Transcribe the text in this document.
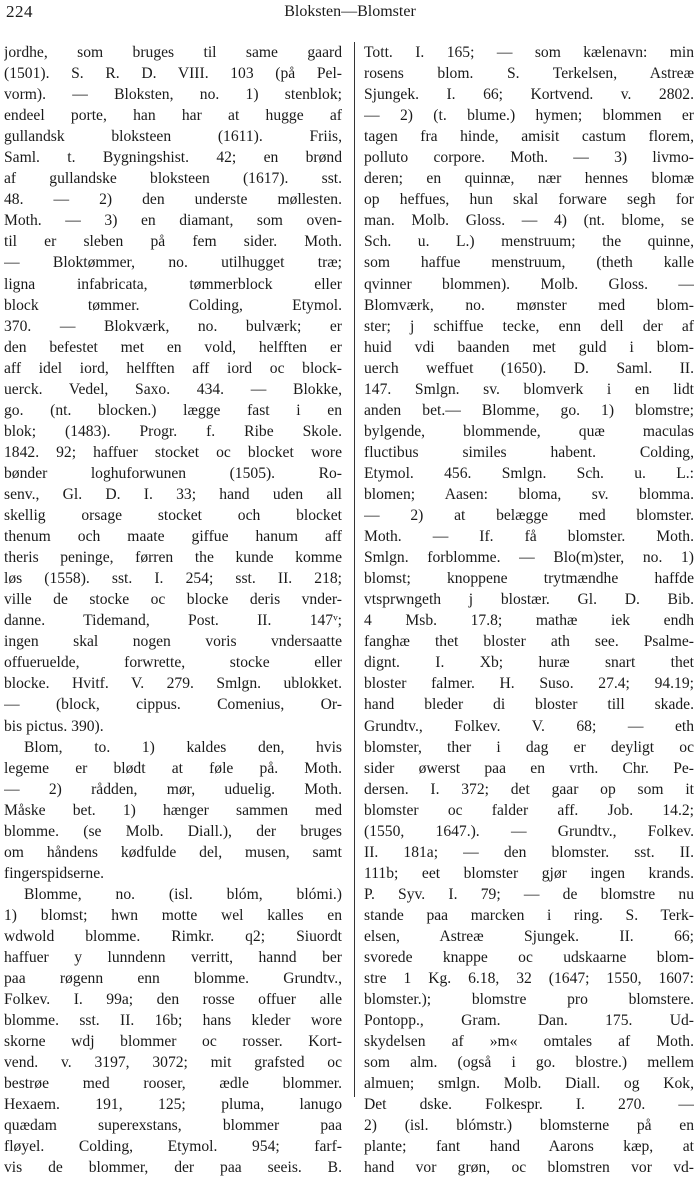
224	Bloksten—Blomster
jordhe, som bruges til same gaard
(1501). S. R. D. VIII. 103 (på Pel-
vorm). — Bloksten, no. 1) stenblok;
endeel porte, han har at hugge af
gullandsk bloksteen (1611). Friis,
Saml. t. Bygningshist. 42; en brønd
af gullandske bloksteen (1617). sst.
48. — 2) den underste møllesten.
Moth. — 3) en diamant, som oven-
til er sleben på fem sider. Moth.
— Bloktømmer, no. utilhugget træ;
ligna infabricata, tømmerblock eller
block tømmer. Colding, Etymol.
370. — Blokværk, no. bulværk; er
den befestet met en vold, helfften er
aff idel iord, helfften aff iord oc block-
uerck. Vedel, Saxo. 434. — Blokke,
go. (nt. blocken.) lægge fast i en
blok; (1483). Progr. f. Ribe Skole.
1842. 92; haffuer stocket oc blocket wore
bønder loghuforwunen (1505). Ro-
senv., Gl. D. I. 33; hand uden all
skellig orsage stocket och blocket
thenum och maate giffue hanum aff
theris peninge, førren the kunde komme
løs (1558). sst. I. 254; sst. II. 218;
ville de stocke oc blocke deris vnder-
danne. Tidemand, Post. II. 147ᵛ;
ingen skal nogen voris vndersaatte
offueruelde, forwrette, stocke eller
blocke. Hvitf. V. 279. Smlgn. ublokket.
— (block, cippus. Comenius, Or-
bis pictus. 390).
Blom, to. 1) kaldes den, hvis
legeme er blødt at føle på. Moth.
— 2) rådden, mør, uduelig. Moth.
Måske bet. 1) hænger sammen med
blomme. (se Molb. Diall.), der bruges
om håndens kødfulde del, musen, samt
fingerspidserne.
Blomme, no. (isl. blóm, blómi.)
1) blomst; hwn motte wel kalles en
wdwold blomme. Rimkr. q2; Siuordt
haffuer y lunndenn verritt, hannd ber
paa røgenn enn blomme. Grundtv.,
Folkev. I. 99a; den rosse offuer alle
blomme. sst. II. 16b; hans kleder wore
skorne wdj blommer oc rosser. Kort-
vend. v. 3197, 3072; mit grafsted oc
bestrøe med rooser, ædle blommer.
Hexaem. 191, 125; pluma, lanugo
quædam superexstans, blommer paa
fløyel. Colding, Etymol. 954; farf-
vis de blommer, der paa seeis. B.
Tott. I. 165; — som kælenavn: min
rosens blom. S. Terkelsen, Astreæ
Sjungek. I. 66; Kortvend. v. 2802.
— 2) (t. blume.) hymen; blommen er
tagen fra hinde, amisit castum florem,
polluto corpore. Moth. — 3) livmo-
deren; en quinnæ, nær hennes blomæ
op heffues, hun skal forware segh for
man. Molb. Gloss. — 4) (nt. blome, se
Sch. u. L.) menstruum; the quinne,
som haffue menstruum, (theth kalle
qvinner blommen). Molb. Gloss. —
Blomværk, no. mønster med blom-
ster; j schiffue tecke, enn dell der af
huid vdi baanden met guld i blom-
uerch weffuet (1650). D. Saml. II.
147. Smlgn. sv. blomverk i en lidt
anden bet.— Blomme, go. 1) blomstre;
bylgende, blommende, quæ maculas
fluctibus similes habent. Colding,
Etymol. 456. Smlgn. Sch. u. L.:
blomen; Aasen: bloma, sv. blomma.
— 2) at belægge med blomster.
Moth. — If. få blomster. Moth.
Smlgn. forblomme. — Blo(m)ster, no. 1)
blomst; knoppene trytmændhe haffde
vtsprwngeth j blostær. Gl. D. Bib.
4 Msb. 17.8; mathæ iek endh
fanghæ thet bloster ath see. Psalme-
dignt. I. Xb; huræ snart thet
bloster falmer. H. Suso. 27.4; 94.19;
hand bleder di bloster till skade.
Grundtv., Folkev. V. 68; — eth
blomster, ther i dag er deyligt oc
sider øwerst paa en vrth. Chr. Pe-
dersen. I. 372; det gaar op som it
blomster oc falder aff. Job. 14.2;
(1550, 1647.). — Grundtv., Folkev.
II. 181a; — den blomster. sst. II.
111b; eet blomster gjør ingen krands.
P. Syv. I. 79; — de blomstre nu
stande paa marcken i ring. S. Terk-
elsen, Astreæ Sjungek. II. 66;
svorede knappe oc udskaarne blom-
stre 1 Kg. 6.18, 32 (1647; 1550, 1607:
blomster.); blomstre pro blomstere.
Pontopp., Gram. Dan. 175. Ud-
skydelsen af »m« omtales af Moth.
som alm. (også i go. blostre.) mellem
almuen; smlgn. Molb. Diall. og Kok,
Det dske. Folkespr. I. 270. —
2) (isl. blómstr.) blomsterne på en
plante; fant hand Aarons kæp, at
hand vor grøn, oc blomstren vor vd-
